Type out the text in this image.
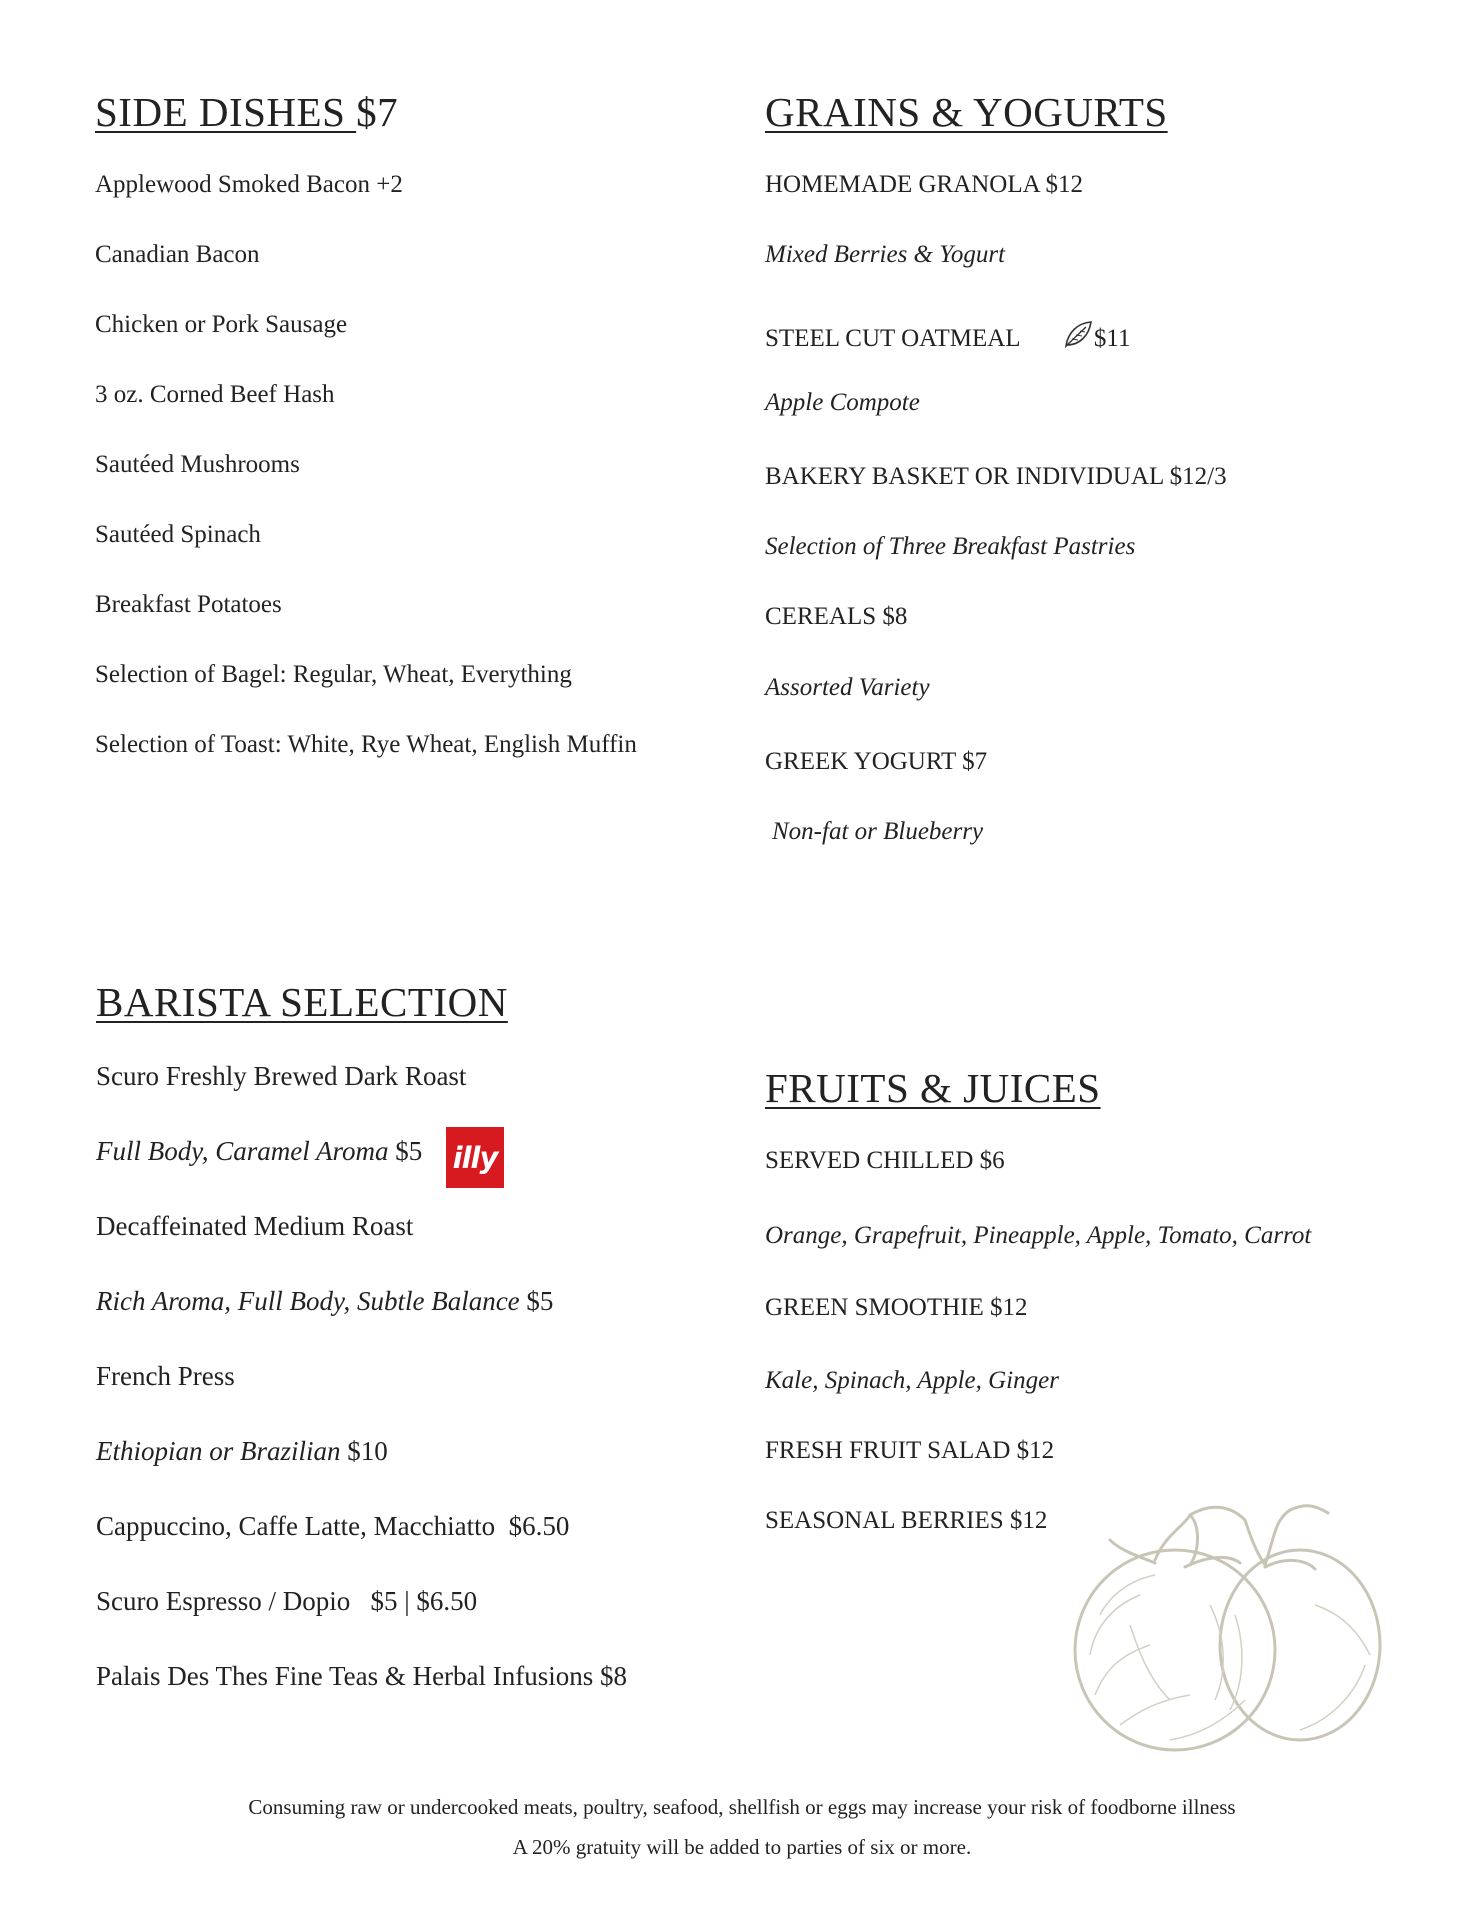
SIDE DISHES $7
Applewood Smoked Bacon +2
Canadian Bacon
Chicken or Pork Sausage
3 oz. Corned Beef Hash
Sautéed Mushrooms
Sautéed Spinach
Breakfast Potatoes
Selection of Bagel: Regular, Wheat, Everything
Selection of Toast: White, Rye Wheat, English Muffin
GRAINS & YOGURTS
HOMEMADE GRANOLA $12
Mixed Berries & Yogurt
STEEL CUT OATMEAL	$11
Apple Compote
BAKERY BASKET OR INDIVIDUAL $12/3
Selection of Three Breakfast Pastries
CEREALS $8
Assorted Variety
GREEK YOGURT $7
Non-fat or Blueberry
BARISTA SELECTION
Scuro Freshly Brewed Dark Roast
Full Body, Caramel Aroma $5 illy
Decaffeinated Medium Roast
Rich Aroma, Full Body, Subtle Balance $5
French Press
Ethiopian or Brazilian $10
Cappuccino, Caffe Latte, Macchiatto  $6.50
Scuro Espresso / Dopio   $5 | $6.50
Palais Des Thes Fine Teas & Herbal Infusions $8
FRUITS & JUICES
SERVED CHILLED $6
Orange, Grapefruit, Pineapple, Apple, Tomato, Carrot
GREEN SMOOTHIE $12
Kale, Spinach, Apple, Ginger
FRESH FRUIT SALAD $12
SEASONAL BERRIES $12
Consuming raw or undercooked meats, poultry, seafood, shellfish or eggs may increase your risk of foodborne illness
A 20% gratuity will be added to parties of six or more.
